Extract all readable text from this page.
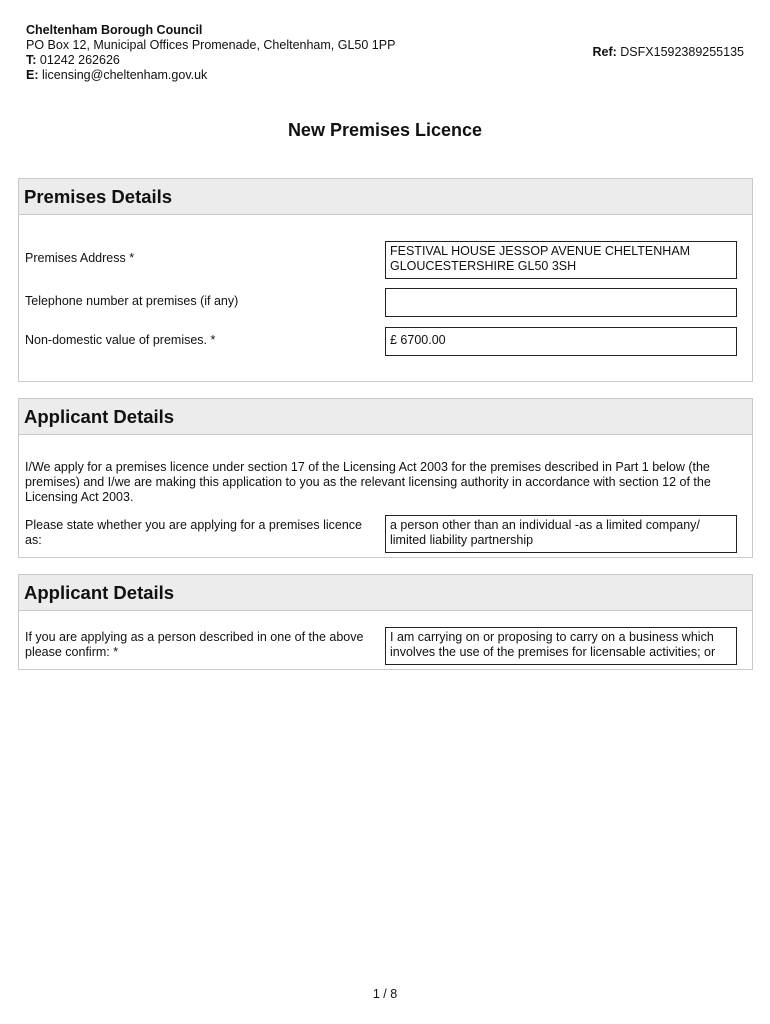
Cheltenham Borough Council
PO Box 12, Municipal Offices Promenade, Cheltenham, GL50 1PP
T: 01242 262626
E: licensing@cheltenham.gov.uk
Ref: DSFX1592389255135
New Premises Licence
Premises Details
Premises Address *	FESTIVAL HOUSE JESSOP AVENUE CHELTENHAM GLOUCESTERSHIRE GL50 3SH
Telephone number at premises (if any)
Non-domestic value of premises. *	£ 6700.00
Applicant Details
I/We apply for a premises licence under section 17 of the Licensing Act 2003 for the premises described in Part 1 below (the premises) and I/we are making this application to you as the relevant licensing authority in accordance with section 12 of the Licensing Act 2003.
Please state whether you are applying for a premises licence as:
a person other than an individual -as a limited company/ limited liability partnership
Applicant Details
If you are applying as a person described in one of the above please confirm: *
I am carrying on or proposing to carry on a business which involves the use of the premises for licensable activities; or
1 / 8
